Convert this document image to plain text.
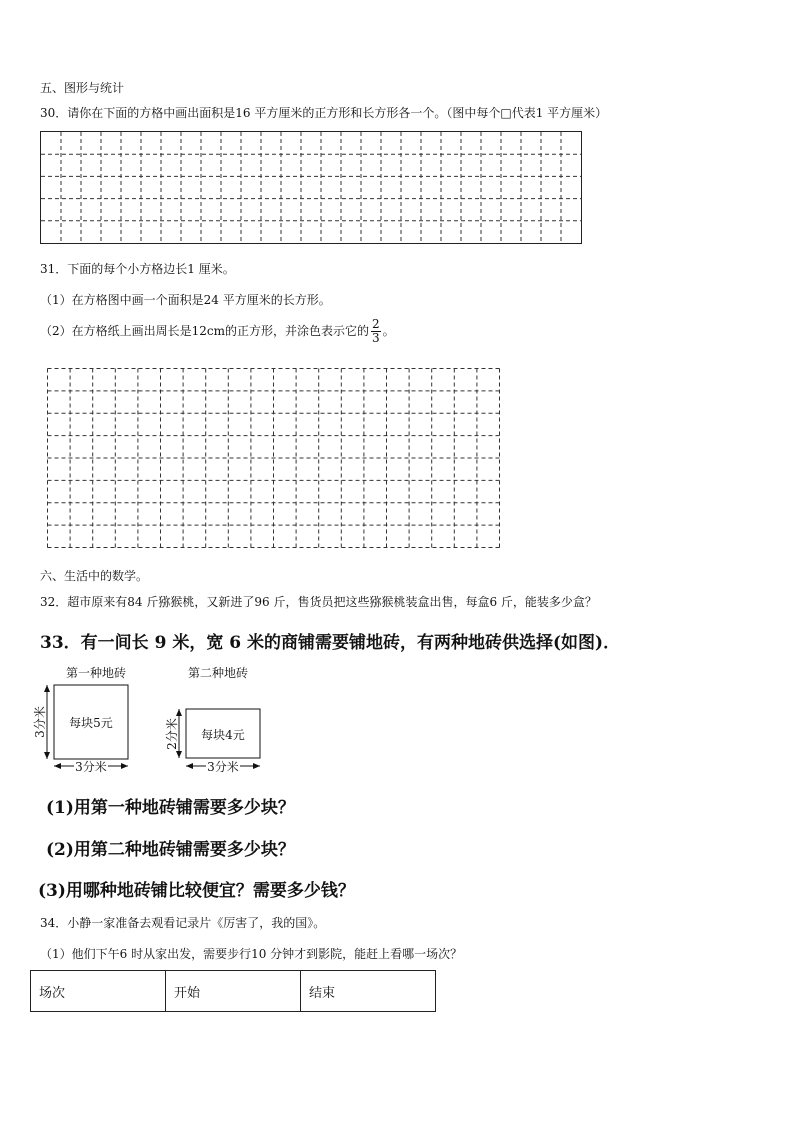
五、图形与统计
30．请你在下面的方格中画出面积是16 平方厘米的正方形和长方形各一个。（图中每个□代表1 平方厘米）
31．下面的每个小方格边长1 厘米。
（1）在方格图中画一个面积是24 平方厘米的长方形。
（2）在方格纸上画出周长是12cm的正方形，并涂色表示它的 $\frac{2}{3}$ 。
六、生活中的数学。
32．超市原来有84 斤猕猴桃，又新进了96 斤，售货员把这些猕猴桃装盒出售，每盒6 斤，能装多少盒？
33．有一间长 9 米，宽 6 米的商铺需要铺地砖，有两种地砖供选择(如图)．
第一种地砖
每块5元
3分米
3分米
第二种地砖
每块4元
2分米
3分米
(1)用第一种地砖铺需要多少块？
(2)用第二种地砖铺需要多少块？
(3)用哪种地砖铺比较便宜？需要多少钱？
34．小静一家准备去观看记录片《厉害了，我的国》。
（1）他们下午6 时从家出发，需要步行10 分钟才到影院，能赶上看哪一场次？
场次	开始	结束
